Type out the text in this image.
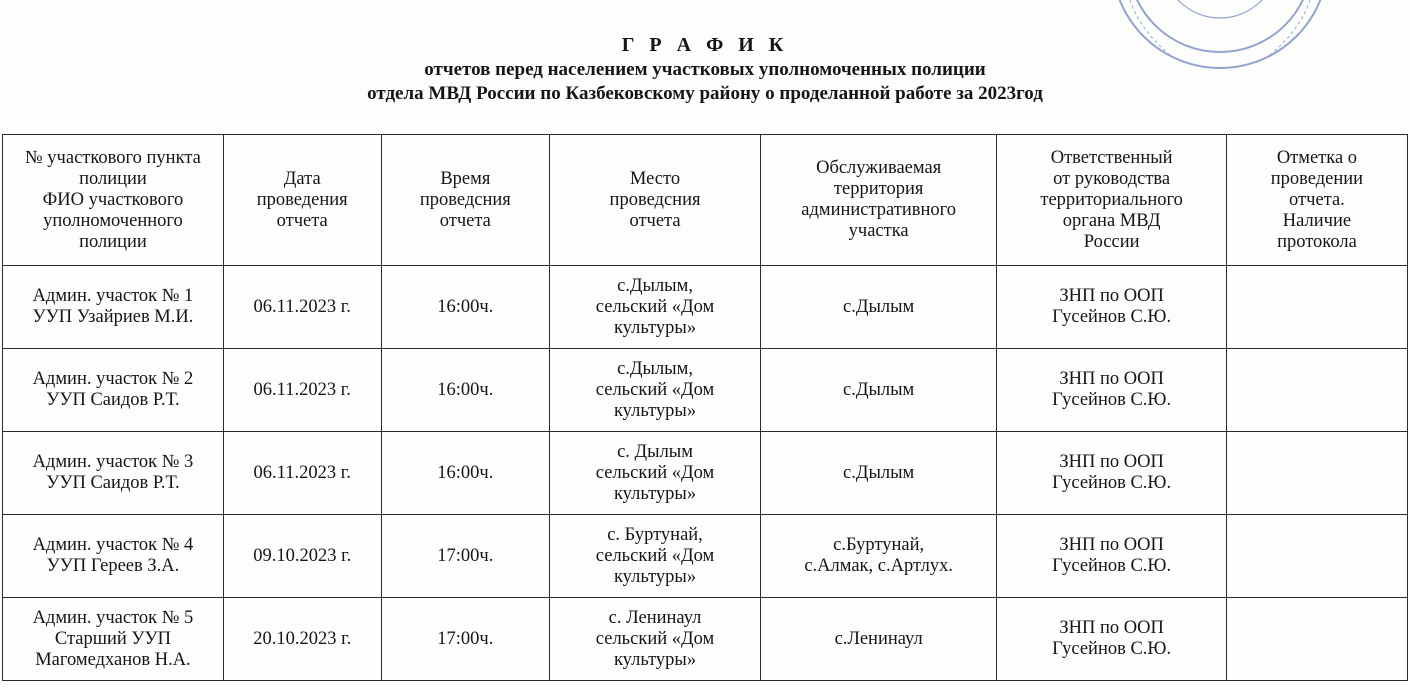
Г Р А Ф И К
отчетов перед населением участковых уполномоченных полиции
отдела МВД России по Казбековскому району о проделанной работе за 2023год
№ участкового пункта
полиции
ФИО участкового
уполномоченного
полиции	Дата
проведения
отчета	Время
проведсния
отчета	Место
проведсния
отчета	Обслуживаемая
территория
административного
участка	Ответственный
от руководства
территориального
органа МВД
России	Отметка о
проведении
отчета.
Наличие
протокола

Админ. участок № 1
УУП Узайриев М.И.	06.11.2023 г.	16:00ч.	с.Дылым,
сельский «Дом
культуры»	с.Дылым	ЗНП по ООП
Гусейнов С.Ю.	

Админ. участок № 2
УУП Саидов Р.Т.	06.11.2023 г.	16:00ч.	с.Дылым,
сельский «Дом
культуры»	с.Дылым	ЗНП по ООП
Гусейнов С.Ю.	

Админ. участок № 3
УУП Саидов Р.Т.	06.11.2023 г.	16:00ч.	с. Дылым
сельский «Дом
культуры»	с.Дылым	ЗНП по ООП
Гусейнов С.Ю.	

Админ. участок № 4
УУП Гереев З.А.	09.10.2023 г.	17:00ч.	с. Буртунай,
сельский «Дом
культуры»	с.Буртунай,
с.Алмак, с.Артлух.	ЗНП по ООП
Гусейнов С.Ю.	

Админ. участок № 5
Старший УУП
Магомедханов Н.А.	20.10.2023 г.	17:00ч.	с. Ленинаул
сельский «Дом
культуры»	с.Ленинаул	ЗНП по ООП
Гусейнов С.Ю.	
